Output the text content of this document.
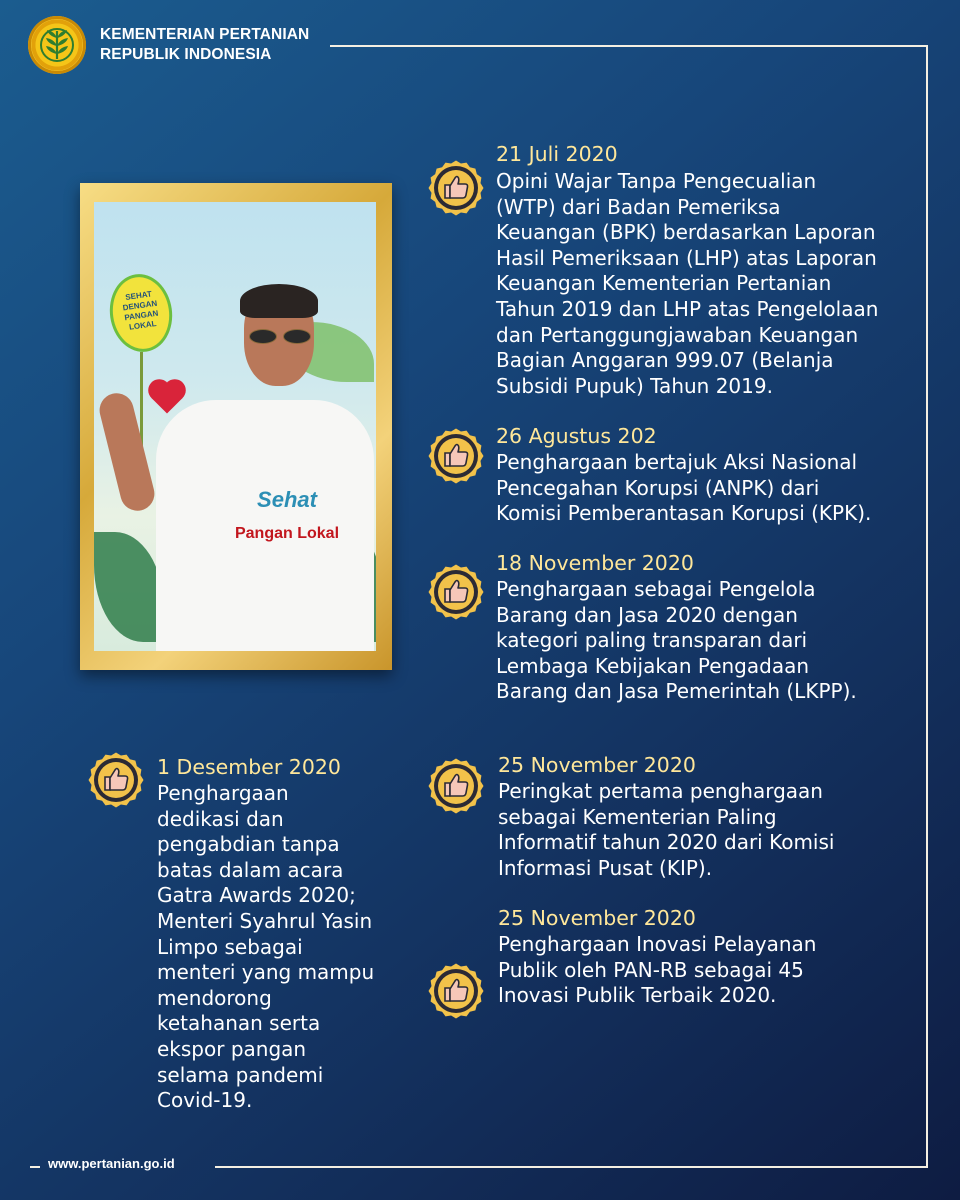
KEMENTERIAN PERTANIAN
REPUBLIK INDONESIA
SEHAT DENGAN PANGAN LOKAL
Sehat
Pangan Lokal
21 Juli 2020
Opini Wajar Tanpa Pengecualian
(WTP) dari Badan Pemeriksa
Keuangan (BPK) berdasarkan Laporan
Hasil Pemeriksaan (LHP) atas Laporan
Keuangan Kementerian Pertanian
Tahun 2019 dan LHP atas Pengelolaan
dan Pertanggungjawaban Keuangan
Bagian Anggaran 999.07 (Belanja
Subsidi Pupuk) Tahun 2019.
26 Agustus 202
Penghargaan bertajuk Aksi Nasional
Pencegahan Korupsi (ANPK) dari
Komisi Pemberantasan Korupsi (KPK).
18 November 2020
Penghargaan sebagai Pengelola
Barang dan Jasa 2020 dengan
kategori paling transparan dari
Lembaga Kebijakan Pengadaan
Barang dan Jasa Pemerintah (LKPP).
1 Desember 2020
Penghargaan
dedikasi dan
pengabdian tanpa
batas dalam acara
Gatra Awards 2020;
Menteri Syahrul Yasin
Limpo sebagai
menteri yang mampu
mendorong
ketahanan serta
ekspor pangan
selama pandemi
Covid-19.
25 November 2020
Peringkat pertama penghargaan
sebagai Kementerian Paling
Informatif tahun 2020 dari Komisi
Informasi Pusat (KIP).
25 November 2020
Penghargaan Inovasi Pelayanan
Publik oleh PAN-RB sebagai 45
Inovasi Publik Terbaik 2020.
www.pertanian.go.id
